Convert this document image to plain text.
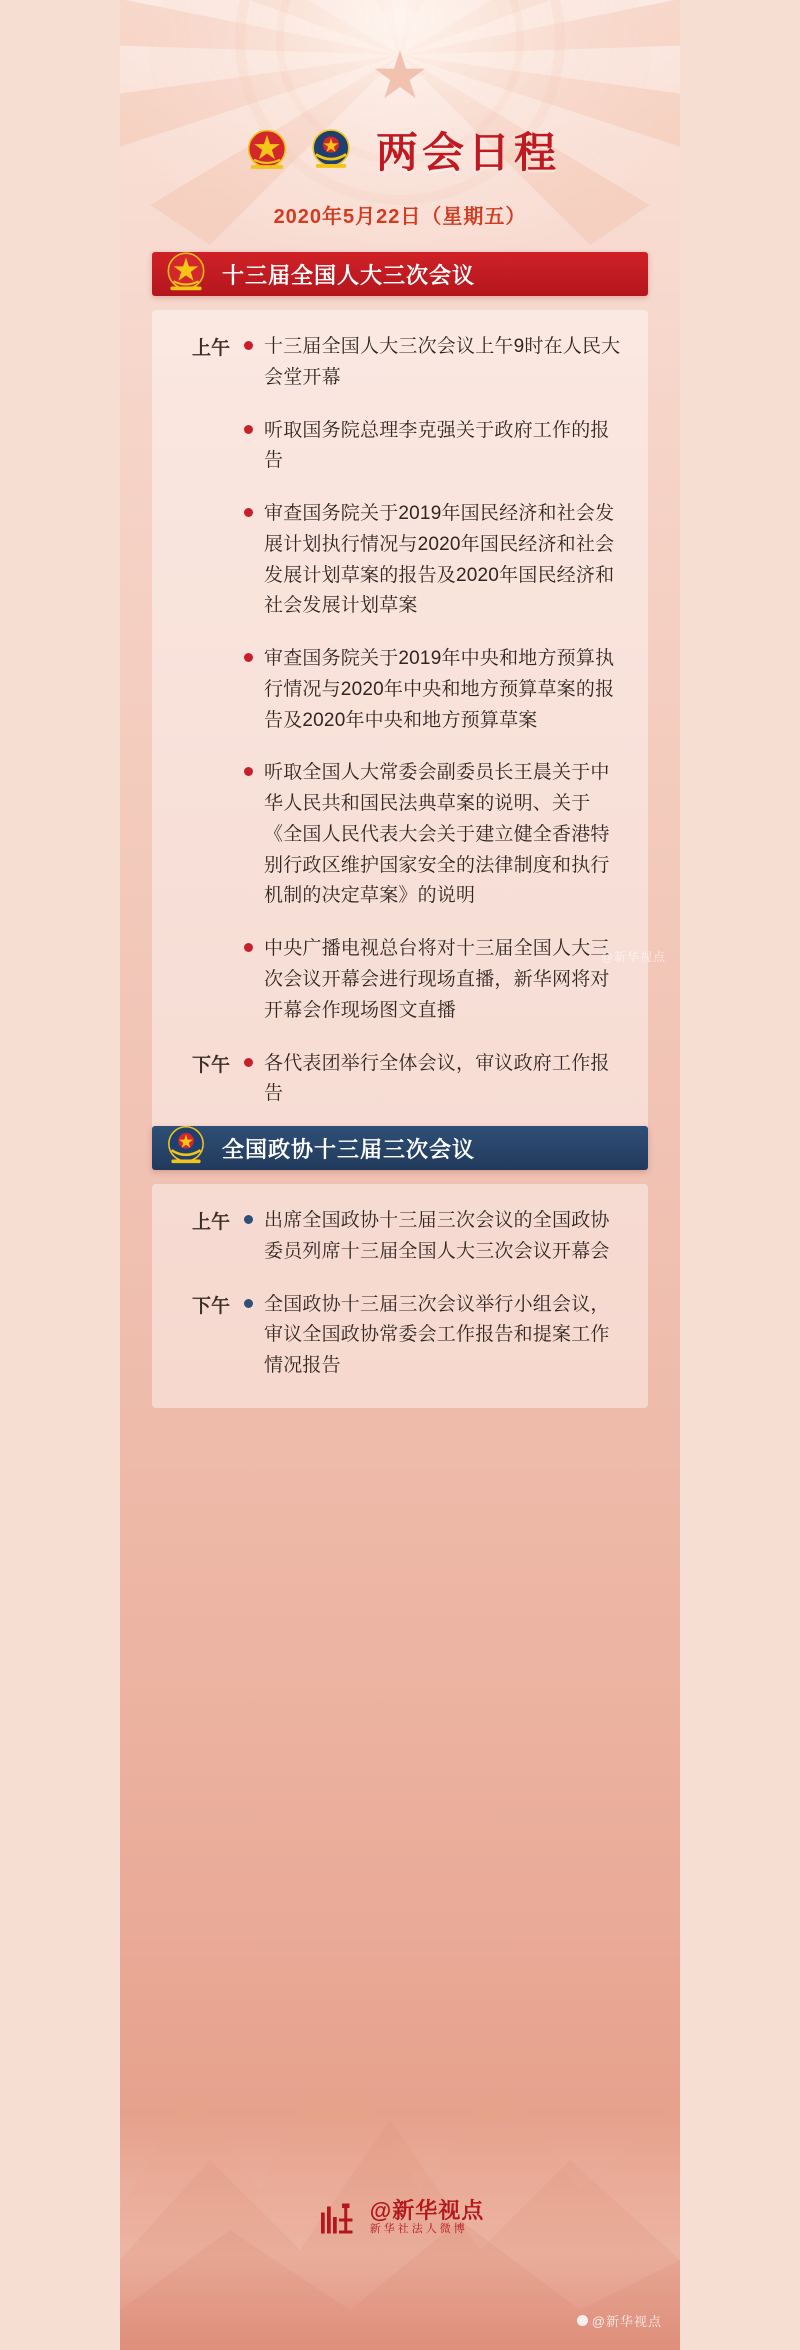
★
两会日程
2020年5月22日（星期五）
十三届全国人大三次会议
上午 十三届全国人大三次会议上午9时在人民大会堂开幕
听取国务院总理李克强关于政府工作的报告
审查国务院关于2019年国民经济和社会发展计划执行情况与2020年国民经济和社会发展计划草案的报告及2020年国民经济和社会发展计划草案
审查国务院关于2019年中央和地方预算执行情况与2020年中央和地方预算草案的报告及2020年中央和地方预算草案
听取全国人大常委会副委员长王晨关于中华人民共和国民法典草案的说明、关于《全国人民代表大会关于建立健全香港特别行政区维护国家安全的法律制度和执行机制的决定草案》的说明
中央广播电视总台将对十三届全国人大三次会议开幕会进行现场直播，新华网将对开幕会作现场图文直播
下午 各代表团举行全体会议，审议政府工作报告
全国政协十三届三次会议
上午 出席全国政协十三届三次会议的全国政协委员列席十三届全国人大三次会议开幕会
下午 全国政协十三届三次会议举行小组会议，审议全国政协常委会工作报告和提案工作情况报告
@新华视点
新华社法人微博
@新华视点
@新华视点
